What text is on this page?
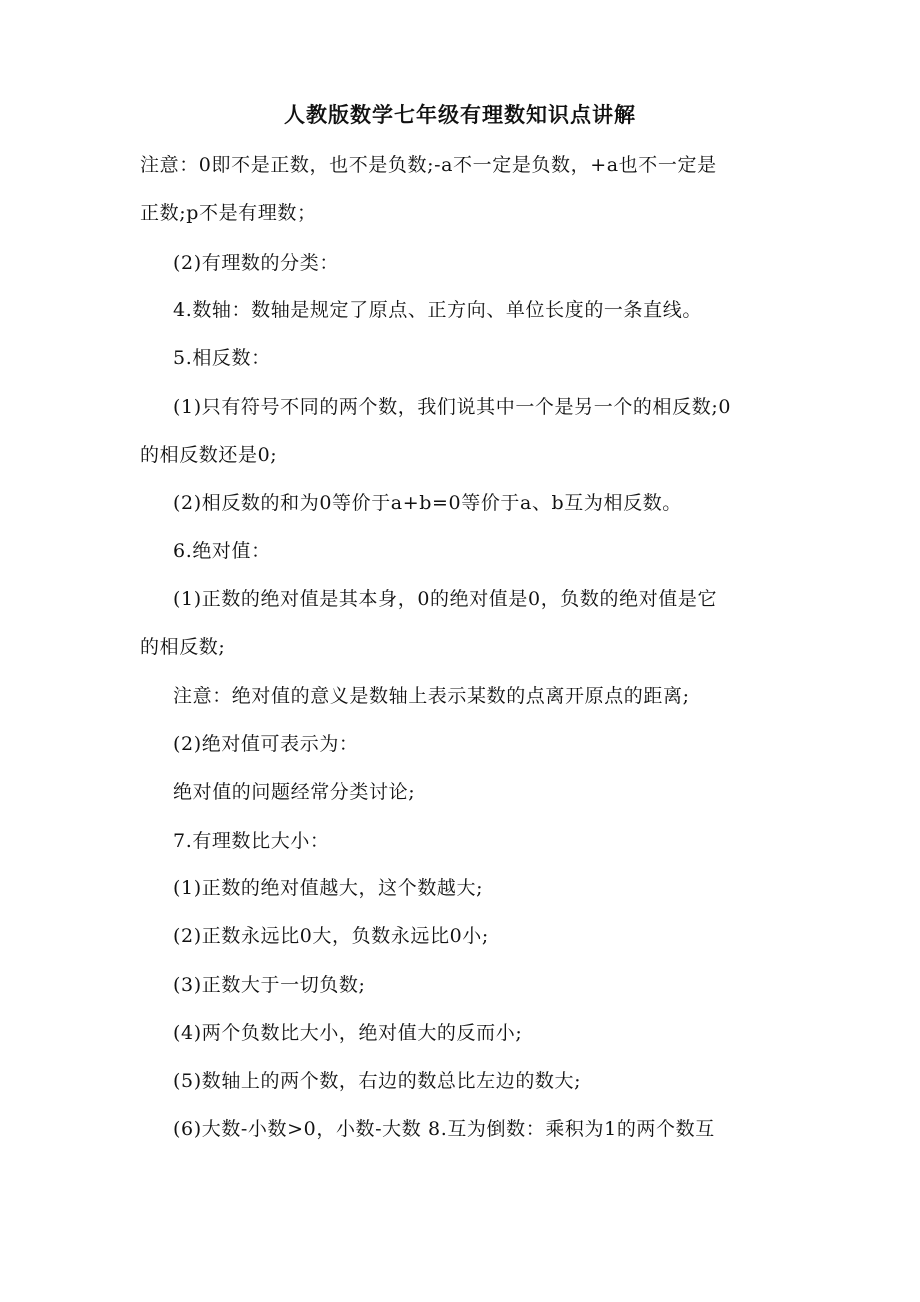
人教版数学七年级有理数知识点讲解
注意：0即不是正数，也不是负数;-a不一定是负数，+a也不一定是
正数;p不是有理数；
(2)有理数的分类：
4.数轴：数轴是规定了原点、正方向、单位长度的一条直线。
5.相反数：
(1)只有符号不同的两个数，我们说其中一个是另一个的相反数;0
的相反数还是0;
(2)相反数的和为0等价于a+b=0等价于a、b互为相反数。
6.绝对值：
(1)正数的绝对值是其本身，0的绝对值是0，负数的绝对值是它
的相反数;
注意：绝对值的意义是数轴上表示某数的点离开原点的距离;
(2)绝对值可表示为：
绝对值的问题经常分类讨论;
7.有理数比大小：
(1)正数的绝对值越大，这个数越大;
(2)正数永远比0大，负数永远比0小;
(3)正数大于一切负数;
(4)两个负数比大小，绝对值大的反而小;
(5)数轴上的两个数，右边的数总比左边的数大;
(6)大数-小数>0，小数-大数 8.互为倒数：乘积为1的两个数互
